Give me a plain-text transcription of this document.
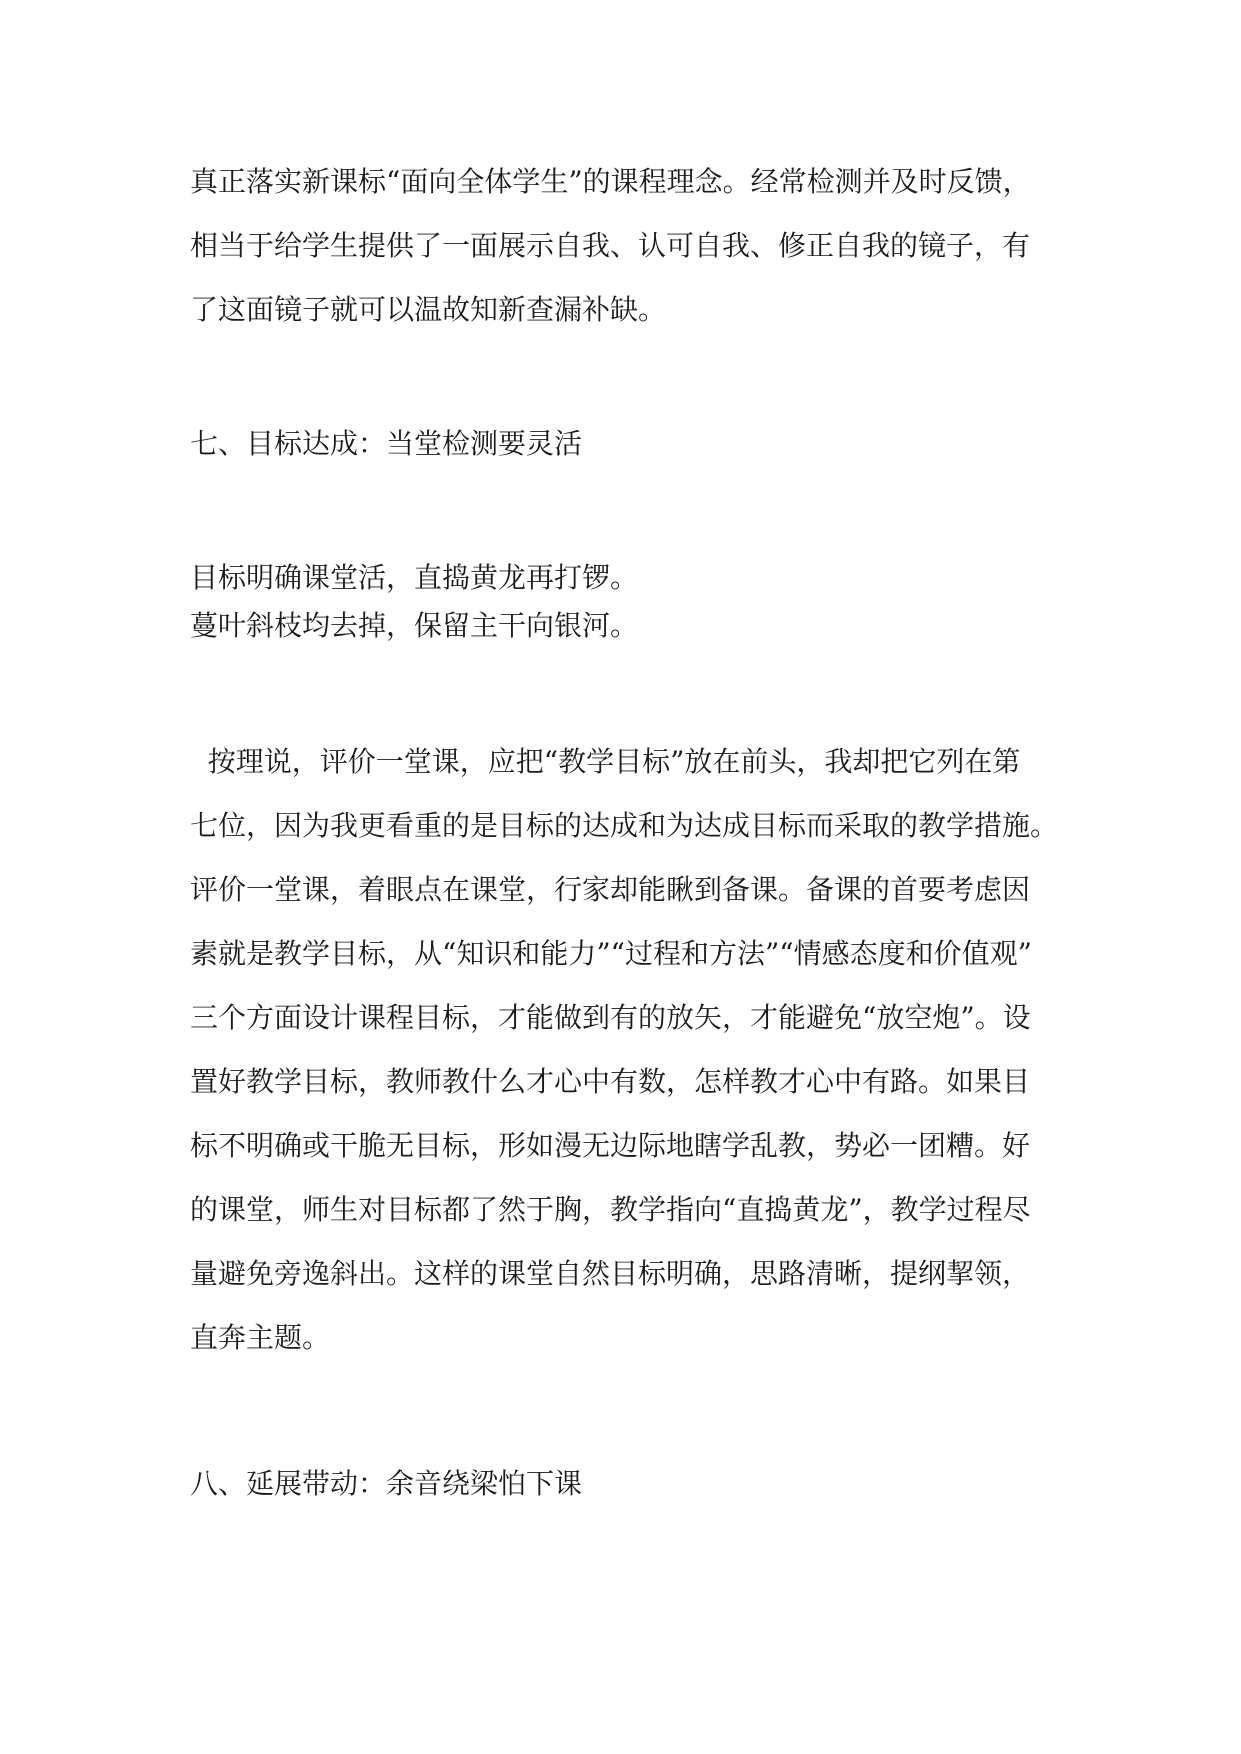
真正落实新课标“面向全体学生”的课程理念。经常检测并及时反馈，
相当于给学生提供了一面展示自我、认可自我、修正自我的镜子，有
了这面镜子就可以温故知新查漏补缺。
七、目标达成：当堂检测要灵活
目标明确课堂活，直捣黄龙再打锣。
蔓叶斜枝均去掉，保留主干向银河。
按理说，评价一堂课，应把“教学目标”放在前头，我却把它列在第
七位，因为我更看重的是目标的达成和为达成目标而采取的教学措施。
评价一堂课，着眼点在课堂，行家却能瞅到备课。备课的首要考虑因
素就是教学目标，从“知识和能力”“过程和方法”“情感态度和价值观”
三个方面设计课程目标，才能做到有的放矢，才能避免“放空炮”。设
置好教学目标，教师教什么才心中有数，怎样教才心中有路。如果目
标不明确或干脆无目标，形如漫无边际地瞎学乱教，势必一团糟。好
的课堂，师生对目标都了然于胸，教学指向“直捣黄龙”，教学过程尽
量避免旁逸斜出。这样的课堂自然目标明确，思路清晰，提纲挈领，
直奔主题。
八、延展带动：余音绕梁怕下课
